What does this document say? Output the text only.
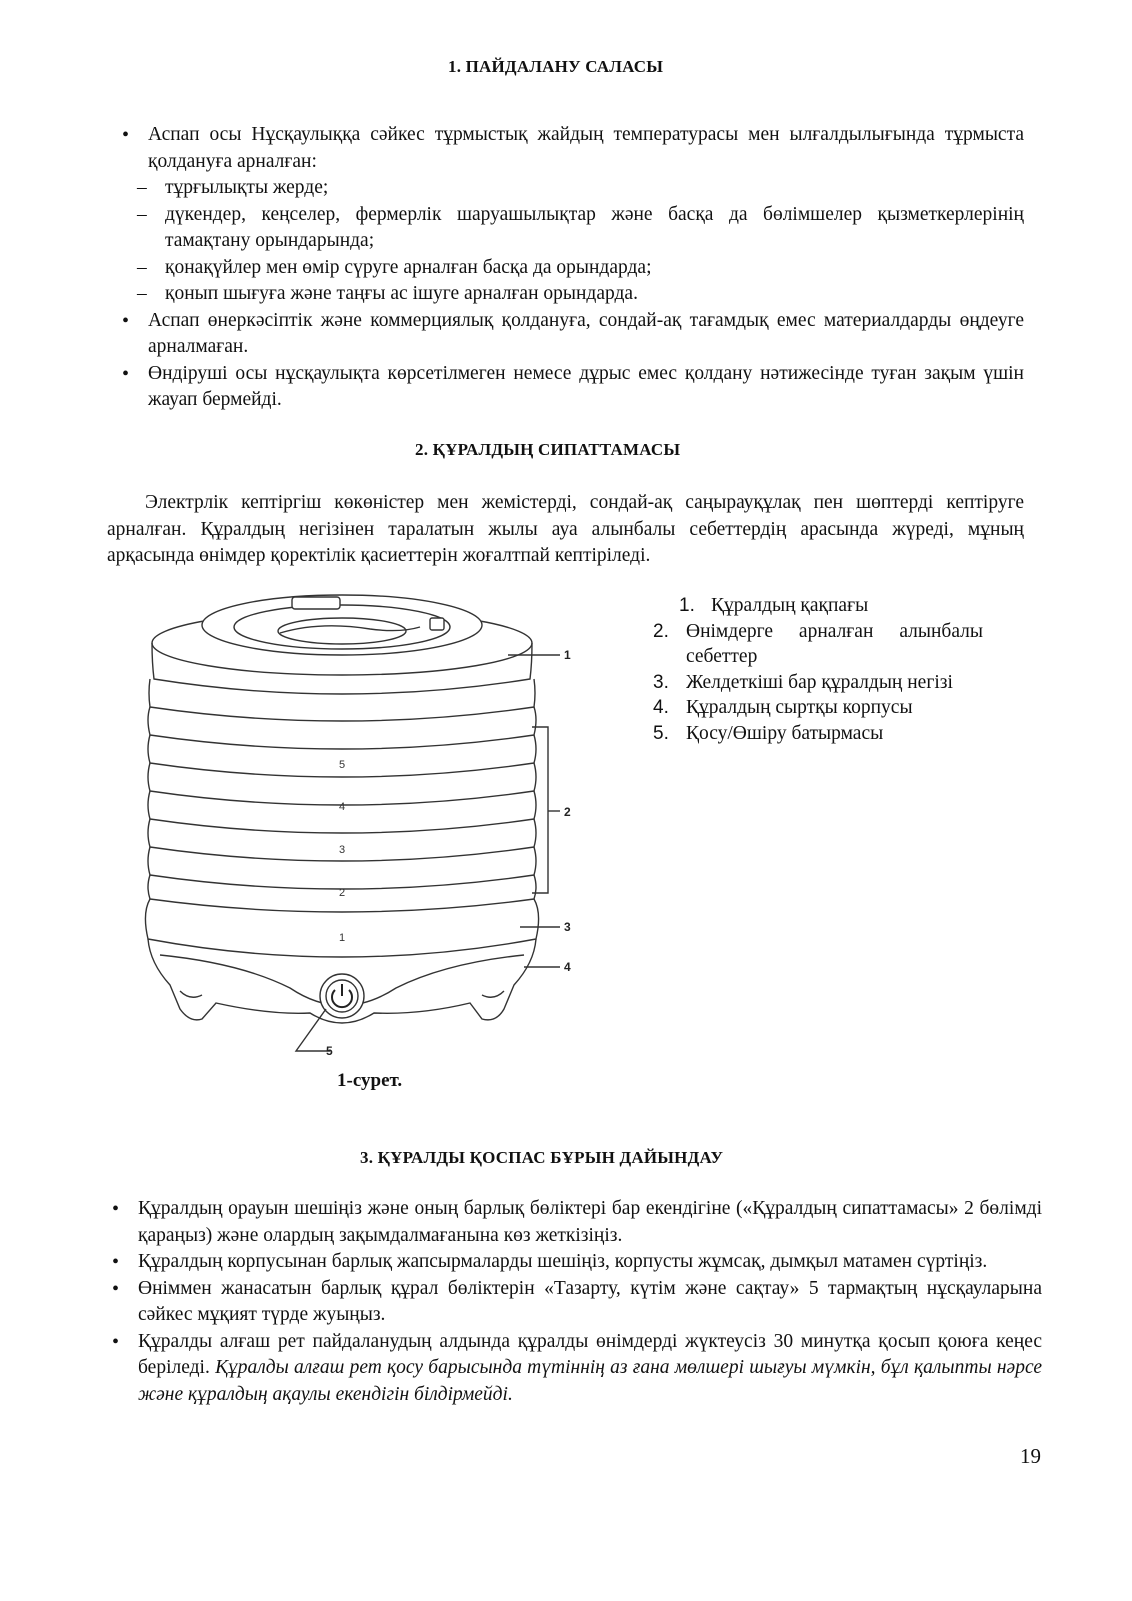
1. ПАЙДАЛАНУ САЛАСЫ
• Аспап осы Нұсқаулыққа сәйкес тұрмыстық жайдың температурасы мен ылғалдылығында тұрмыста қолдануға арналған:
– тұрғылықты жерде;
– дүкендер, кеңселер, фермерлік шаруашылықтар және басқа да бөлімшелер қызметкерлерінің тамақтану орындарында;
– қонақүйлер мен өмір сүруге арналған басқа да орындарда;
– қонып шығуға және таңғы ас ішуге арналған орындарда.
• Аспап өнеркәсіптік және коммерциялық қолдануға, сондай-ақ тағамдық емес материалдарды өңдеуге арналмаған.
• Өндіруші осы нұсқаулықта көрсетілмеген немесе дұрыс емес қолдану нәтижесінде туған зақым үшін жауап бермейді.
2. ҚҰРАЛДЫҢ СИПАТТАМАСЫ
Электрлік кептіргіш көкөністер мен жемістерді, сондай-ақ саңырауқұлақ пен шөптерді кептіруге арналған. Құралдың негізінен таралатын жылы ауа алынбалы себеттердің арасында жүреді, мұның арқасында өнімдер қоректілік қасиеттерін жоғалтпай кептіріледі.
5
4
3
2
1
1
2
3
4
5
1-сурет.
1. Құралдың қақпағы
2. Өнімдерге арналған алынбалы себеттер
3. Желдеткіші бар құралдың негізі
4. Құралдың сыртқы корпусы
5. Қосу/Өшіру батырмасы
3. ҚҰРАЛДЫ ҚОСПАС БҰРЫН ДАЙЫНДАУ
• Құралдың орауын шешіңіз және оның барлық бөліктері бар екендігіне («Құралдың сипаттамасы» 2 бөлімді қараңыз) және олардың зақымдалмағанына көз жеткізіңіз.
• Құралдың корпусынан барлық жапсырмаларды шешіңіз, корпусты жұмсақ, дымқыл матамен сүртіңіз.
• Өніммен жанасатын барлық құрал бөліктерін «Тазарту, күтім және сақтау» 5 тармақтың нұсқауларына сәйкес мұқият түрде жуыңыз.
• Құралды алғаш рет пайдаланудың алдында құралды өнімдерді жүктеусіз 30 минутқа қосып қоюға кеңес беріледі. Құралды алғаш рет қосу барысында түтіннің аз ғана мөлшері шығуы мүмкін, бұл қалыпты нәрсе және құралдың ақаулы екендігін білдірмейді.
19
